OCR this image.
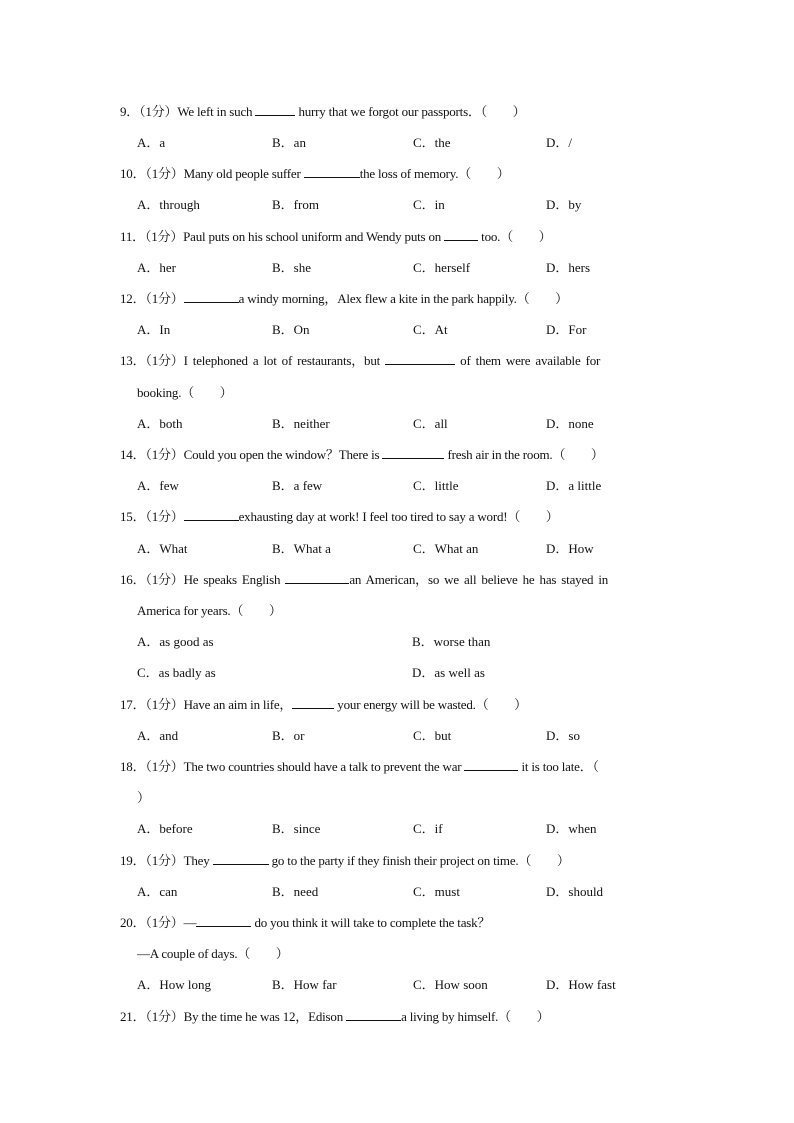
9．（1分）We left in such	hurry that we forgot our passports．（　　）
A．a	B．an	C．the	D．/
10．（1分）Many old people suffer	the loss of memory.（　　）
A．through	B．from	C．in	D．by
11．（1分）Paul puts on his school uniform and Wendy puts on	too.（　　）
A．her	B．she	C．herself	D．hers
12．（1分）	a windy morning，Alex flew a kite in the park happily.（　　）
A．In	B．On	C．At	D．For
13．（1分）I telephoned a lot of restaurants，but	of them were available for
booking.（　　）
A．both	B．neither	C．all	D．none
14．（1分）Could you open the window？There is	fresh air in the room.（　　）
A．few	B．a few	C．little	D．a little
15．（1分）	exhausting day at work! I feel too tired to say a word!（　　）
A．What	B．What a	C．What an	D．How
16．（1分）He speaks English	an American，so we all believe he has stayed in
America for years.（　　）
A．as good as	B．worse than
C．as badly as	D．as well as
17．（1分）Have an aim in life，	your energy will be wasted.（　　）
A．and	B．or	C．but	D．so
18．（1分）The two countries should have a talk to prevent the war	it is too late．（
）
A．before	B．since	C．if	D．when
19．（1分）They	go to the party if they finish their project on time.（　　）
A．can	B．need	C．must	D．should
20．（1分）—	do you think it will take to complete the task？
—A couple of days.（　　）
A．How long	B．How far	C．How soon	D．How fast
21．（1分）By the time he was 12，Edison	a living by himself.（　　）
